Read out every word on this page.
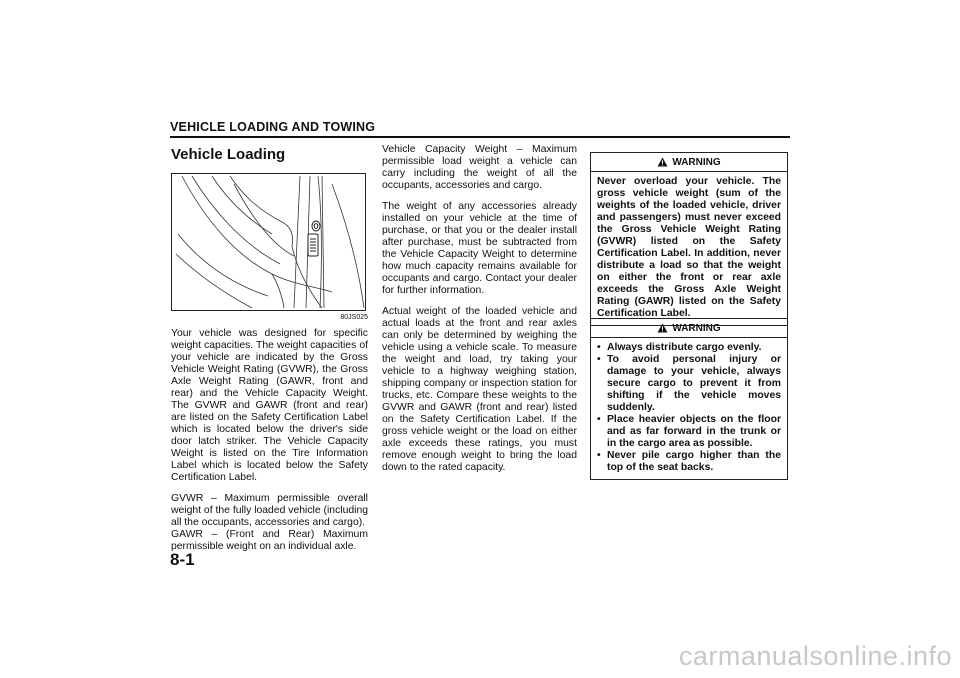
VEHICLE LOADING AND TOWING
Vehicle Loading
80JS025

Your vehicle was designed for specific weight capacities. The weight capacities of your vehicle are indicated by the Gross Vehicle Weight Rating (GVWR), the Gross Axle Weight Rating (GAWR, front and rear) and the Vehicle Capacity Weight. The GVWR and GAWR (front and rear) are listed on the Safety Certification Label which is located below the driver's side door latch striker. The Vehicle Capacity Weight is listed on the Tire Information Label which is located below the Safety Certification Label.

GVWR – Maximum permissible overall weight of the fully loaded vehicle (including all the occupants, accessories and cargo).

GAWR – (Front and Rear) Maximum permissible weight on an individual axle.

Vehicle Capacity Weight – Maximum permissible load weight a vehicle can carry including the weight of all the occupants, accessories and cargo.

The weight of any accessories already installed on your vehicle at the time of purchase, or that you or the dealer install after purchase, must be subtracted from the Vehicle Capacity Weight to determine how much capacity remains available for occupants and cargo. Contact your dealer for further information.

Actual weight of the loaded vehicle and actual loads at the front and rear axles can only be determined by weighing the vehicle using a vehicle scale. To measure the weight and load, try taking your vehicle to a highway weighing station, shipping company or inspection station for trucks, etc. Compare these weights to the GVWR and GAWR (front and rear) listed on the Safety Certification Label. If the gross vehicle weight or the load on either axle exceeds these ratings, you must remove enough weight to bring the load down to the rated capacity.

WARNING
Never overload your vehicle. The gross vehicle weight (sum of the weights of the loaded vehicle, driver and passengers) must never exceed the Gross Vehicle Weight Rating (GVWR) listed on the Safety Certification Label. In addition, never distribute a load so that the weight on either the front or rear axle exceeds the Gross Axle Weight Rating (GAWR) listed on the Safety Certification Label.
WARNING
• Always distribute cargo evenly.
• To avoid personal injury or damage to your vehicle, always secure cargo to prevent it from shifting if the vehicle moves suddenly.
• Place heavier objects on the floor and as far forward in the trunk or in the cargo area as possible.
• Never pile cargo higher than the top of the seat backs.
8-1
carmanualsonline.info
